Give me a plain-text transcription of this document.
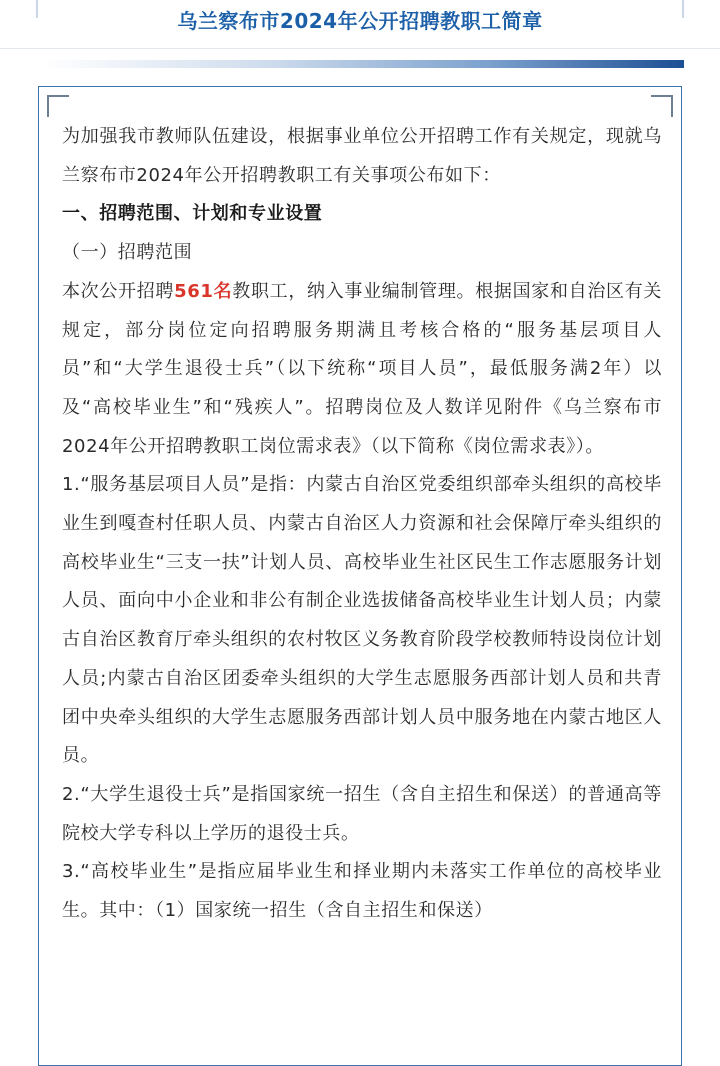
乌兰察布市2024年公开招聘教职工简章

为加强我市教师队伍建设，根据事业单位公开招聘工作有关规定，现就乌兰察布市2024年公开招聘教职工有关事项公布如下：

一、招聘范围、计划和专业设置

（一）招聘范围

本次公开招聘561名教职工，纳入事业编制管理。根据国家和自治区有关规定，部分岗位定向招聘服务期满且考核合格的“服务基层项目人员”和“大学生退役士兵”（以下统称“项目人员”，最低服务满2年）以及“高校毕业生”和“残疾人”。招聘岗位及人数详见附件《乌兰察布市2024年公开招聘教职工岗位需求表》（以下简称《岗位需求表》）。

1.“服务基层项目人员”是指：内蒙古自治区党委组织部牵头组织的高校毕业生到嘎查村任职人员、内蒙古自治区人力资源和社会保障厅牵头组织的高校毕业生“三支一扶”计划人员、高校毕业生社区民生工作志愿服务计划人员、面向中小企业和非公有制企业选拔储备高校毕业生计划人员；内蒙古自治区教育厅牵头组织的农村牧区义务教育阶段学校教师特设岗位计划人员;内蒙古自治区团委牵头组织的大学生志愿服务西部计划人员和共青团中央牵头组织的大学生志愿服务西部计划人员中服务地在内蒙古地区人员。

2.“大学生退役士兵”是指国家统一招生（含自主招生和保送）的普通高等院校大学专科以上学历的退役士兵。

3.“高校毕业生”是指应届毕业生和择业期内未落实工作单位的高校毕业生。其中：（1）国家统一招生（含自主招生和保送）
